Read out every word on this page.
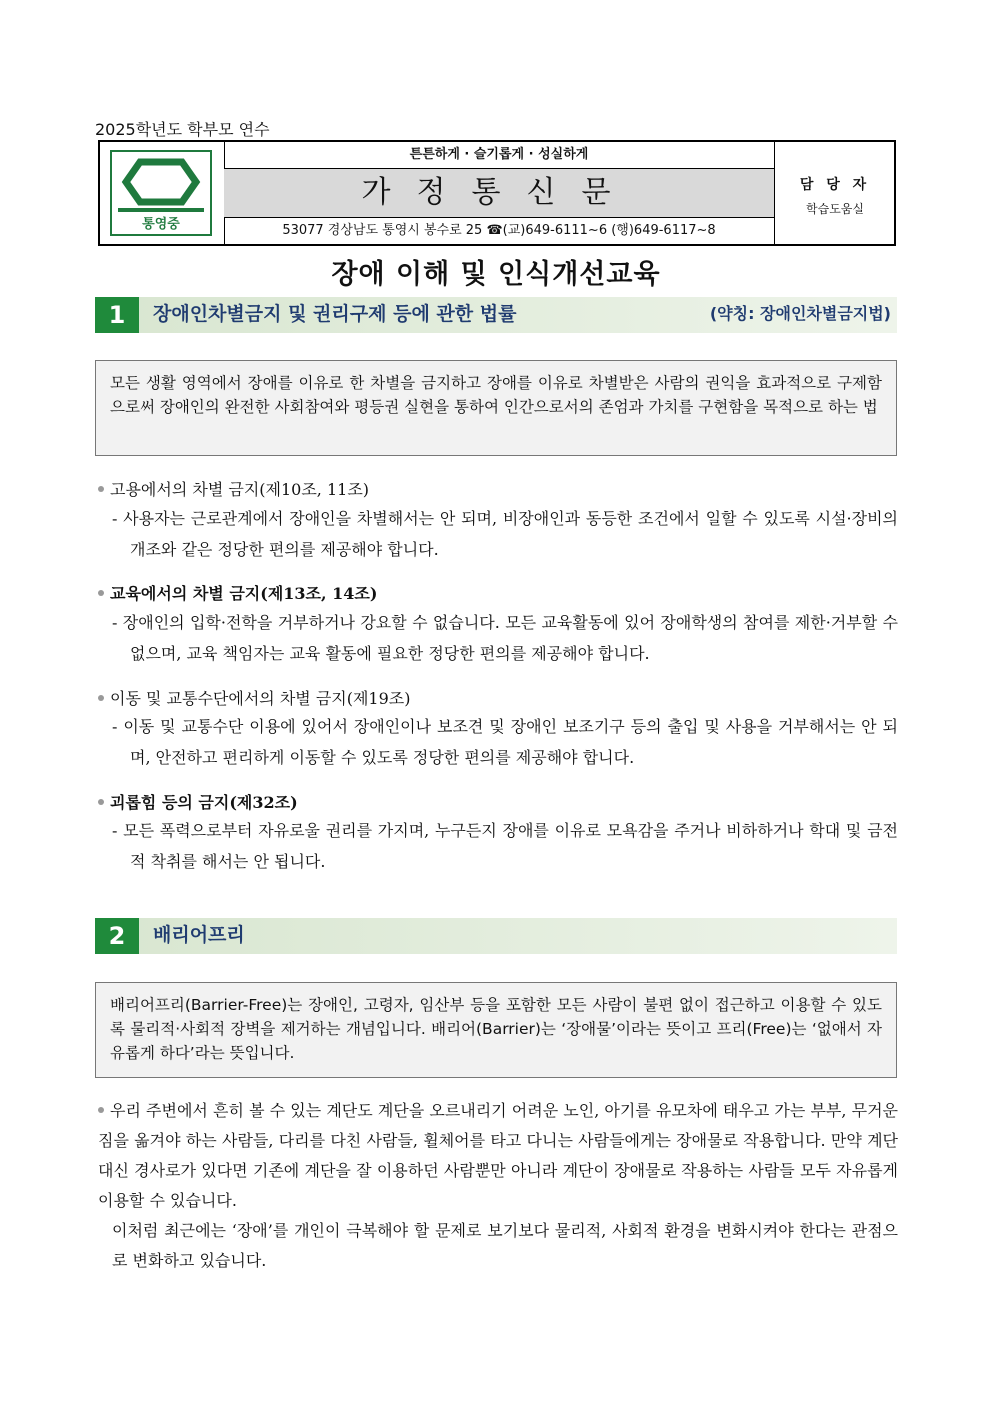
2025학년도 학부모 연수
통영중
튼튼하게 · 슬기롭게 · 성실하게
가정통신문
53077 경상남도 통영시 봉수로 25 ☎(교)649-6111~6 (행)649-6117~8
담 당 자
학습도움실
장애 이해 및 인식개선교육
1	장애인차별금지 및 권리구제 등에 관한 법률	(약칭: 장애인차별금지법)
모든 생활 영역에서 장애를 이유로 한 차별을 금지하고 장애를 이유로 차별받은 사람의 권익을 효과적으로 구제함으로써 장애인의 완전한 사회참여와 평등권 실현을 통하여 인간으로서의 존엄과 가치를 구현함을 목적으로 하는 법
고용에서의 차별 금지(제10조, 11조)
- 사용자는 근로관계에서 장애인을 차별해서는 안 되며, 비장애인과 동등한 조건에서 일할 수 있도록 시설·장비의 개조와 같은 정당한 편의를 제공해야 합니다.
교육에서의 차별 금지(제13조, 14조)
- 장애인의 입학·전학을 거부하거나 강요할 수 없습니다. 모든 교육활동에 있어 장애학생의 참여를 제한·거부할 수 없으며, 교육 책임자는 교육 활동에 필요한 정당한 편의를 제공해야 합니다.
이동 및 교통수단에서의 차별 금지(제19조)
- 이동 및 교통수단 이용에 있어서 장애인이나 보조견 및 장애인 보조기구 등의 출입 및 사용을 거부해서는 안 되며, 안전하고 편리하게 이동할 수 있도록 정당한 편의를 제공해야 합니다.
괴롭힘 등의 금지(제32조)
- 모든 폭력으로부터 자유로울 권리를 가지며, 누구든지 장애를 이유로 모욕감을 주거나 비하하거나 학대 및 금전적 착취를 해서는 안 됩니다.
2	배리어프리
배리어프리(Barrier-Free)는 장애인, 고령자, 임산부 등을 포함한 모든 사람이 불편 없이 접근하고 이용할 수 있도록 물리적·사회적 장벽을 제거하는 개념입니다. 배리어(Barrier)는 ‘장애물’이라는 뜻이고 프리(Free)는 ‘없애서 자유롭게 하다’라는 뜻입니다.
우리 주변에서 흔히 볼 수 있는 계단도 계단을 오르내리기 어려운 노인, 아기를 유모차에 태우고 가는 부부, 무거운 짐을 옮겨야 하는 사람들, 다리를 다친 사람들, 휠체어를 타고 다니는 사람들에게는 장애물로 작용합니다. 만약 계단 대신 경사로가 있다면 기존에 계단을 잘 이용하던 사람뿐만 아니라 계단이 장애물로 작용하는 사람들 모두 자유롭게 이용할 수 있습니다.
이처럼 최근에는 ‘장애’를 개인이 극복해야 할 문제로 보기보다 물리적, 사회적 환경을 변화시켜야 한다는 관점으로 변화하고 있습니다.
